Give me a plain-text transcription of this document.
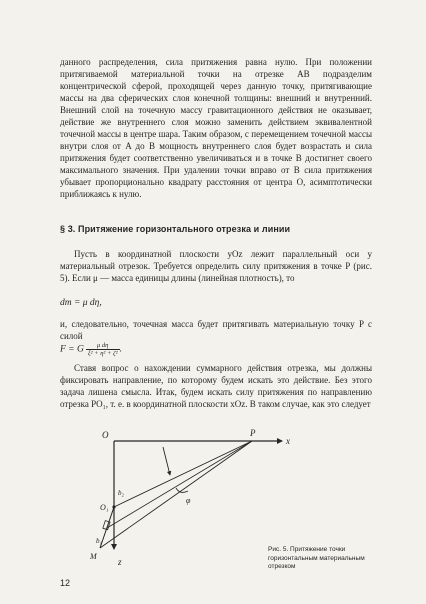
данного распределения, сила притяжения равна нулю. При положении притягиваемой материальной точки на отрезке AB подразделим концентрической сферой, проходящей через данную точку, притягивающие массы на два сферических слоя конечной толщины: внешний и внутренний. Внешний слой на точечную массу гравитационного действия не оказывает, действие же внутреннего слоя можно заменить действием эквивалентной точечной массы в центре шара. Таким образом, с перемещением точечной массы внутри слоя от A до B мощность внутреннего слоя будет возрастать и сила притяжения будет соответственно увеличиваться и в точке B достигнет своего максимального значения. При удалении точки вправо от B сила притяжения убывает пропорционально квадрату расстояния от центра O, асимптотически приближаясь к нулю.
§ 3. Притяжение горизонтального отрезка и линии
Пусть в координатной плоскости yOz лежит параллельный оси y материальный отрезок. Требуется определить силу притяжения в точке P (рис. 5). Если μ — масса единицы длины (линейная плотность), то
dm = μ dη,
и, следовательно, точечная масса будет притягивать материальную точку P с силой
F = G $\frac{\text{μ dη}}{\text{ξ² + η² + ζ²}}$ .
Ставя вопрос о нахождении суммарного действия отрезка, мы должны фиксировать направление, по которому будем искать это действие. Без этого задача лишена смысла. Итак, будем искать силу притяжения по направлению отрезка PO₁, т. е. в координатной плоскости xOz. В таком случае, как это следует
O	P
x
z
O₁
M
b₁
b₂
φ
Рис. 5. Притяжение точки горизонтальным материальным отрезком
12
